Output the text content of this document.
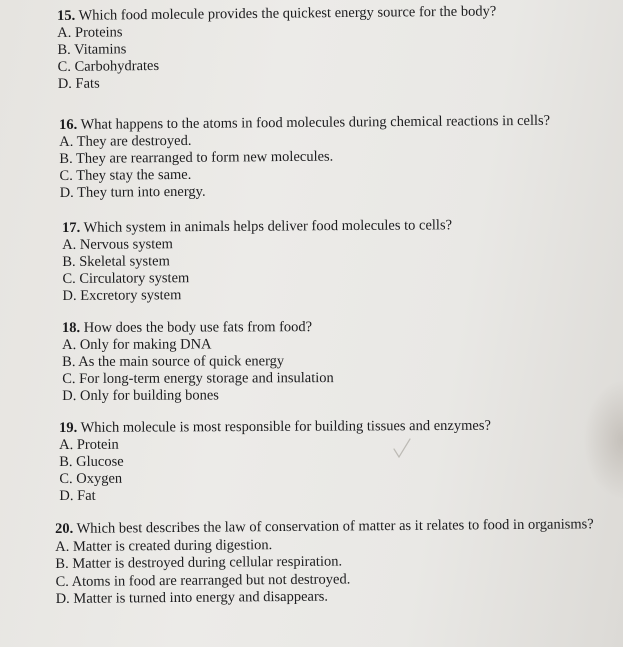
15. Which food molecule provides the quickest energy source for the body?
A. Proteins
B. Vitamins
C. Carbohydrates
D. Fats
16. What happens to the atoms in food molecules during chemical reactions in cells?
A. They are destroyed.
B. They are rearranged to form new molecules.
C. They stay the same.
D. They turn into energy.
17. Which system in animals helps deliver food molecules to cells?
A. Nervous system
B. Skeletal system
C. Circulatory system
D. Excretory system
18. How does the body use fats from food?
A. Only for making DNA
B. As the main source of quick energy
C. For long-term energy storage and insulation
D. Only for building bones
19. Which molecule is most responsible for building tissues and enzymes?
A. Protein
B. Glucose
C. Oxygen
D. Fat
20. Which best describes the law of conservation of matter as it relates to food in organisms?
A. Matter is created during digestion.
B. Matter is destroyed during cellular respiration.
C. Atoms in food are rearranged but not destroyed.
D. Matter is turned into energy and disappears.
